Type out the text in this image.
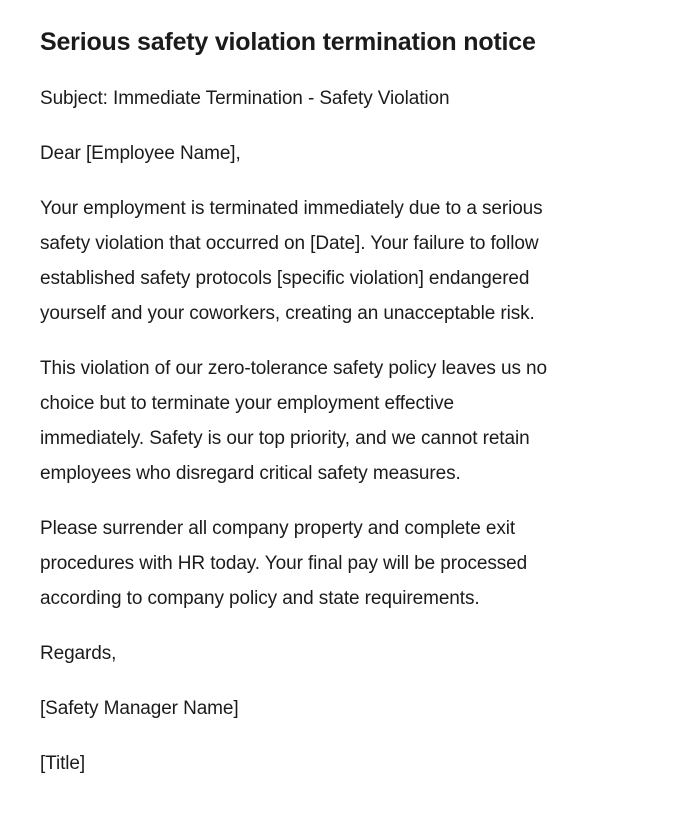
Serious safety violation termination notice

Subject: Immediate Termination - Safety Violation

Dear [Employee Name],

Your employment is terminated immediately due to a serious
safety violation that occurred on [Date]. Your failure to follow
established safety protocols [specific violation] endangered
yourself and your coworkers, creating an unacceptable risk.

This violation of our zero-tolerance safety policy leaves us no
choice but to terminate your employment effective
immediately. Safety is our top priority, and we cannot retain
employees who disregard critical safety measures.

Please surrender all company property and complete exit
procedures with HR today. Your final pay will be processed
according to company policy and state requirements.

Regards,

[Safety Manager Name]

[Title]
